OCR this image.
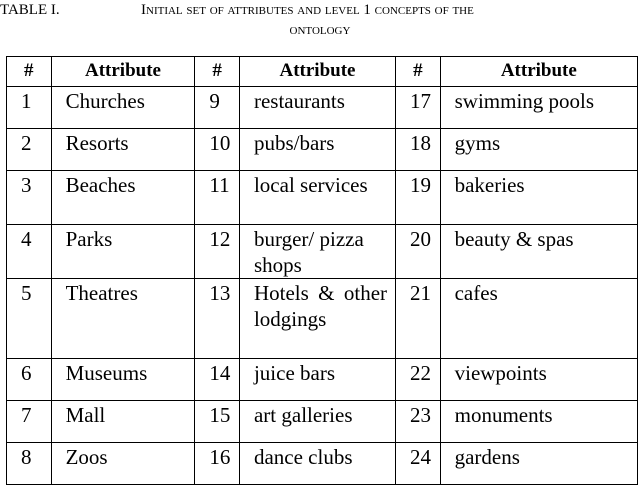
TABLE I.	Initial set of attributes and level 1 concepts of the
ontology
#	Attribute	#	Attribute	#	Attribute
1	Churches	9	restaurants	17	swimming pools
2	Resorts	10	pubs/bars	18	gyms
3	Beaches	11	local services	19	bakeries
4	Parks	12	burger/ pizza shops	20	beauty & spas
5	Theatres	13	Hotels & other lodgings	21	cafes
6	Museums	14	juice bars	22	viewpoints
7	Mall	15	art galleries	23	monuments
8	Zoos	16	dance clubs	24	gardens
